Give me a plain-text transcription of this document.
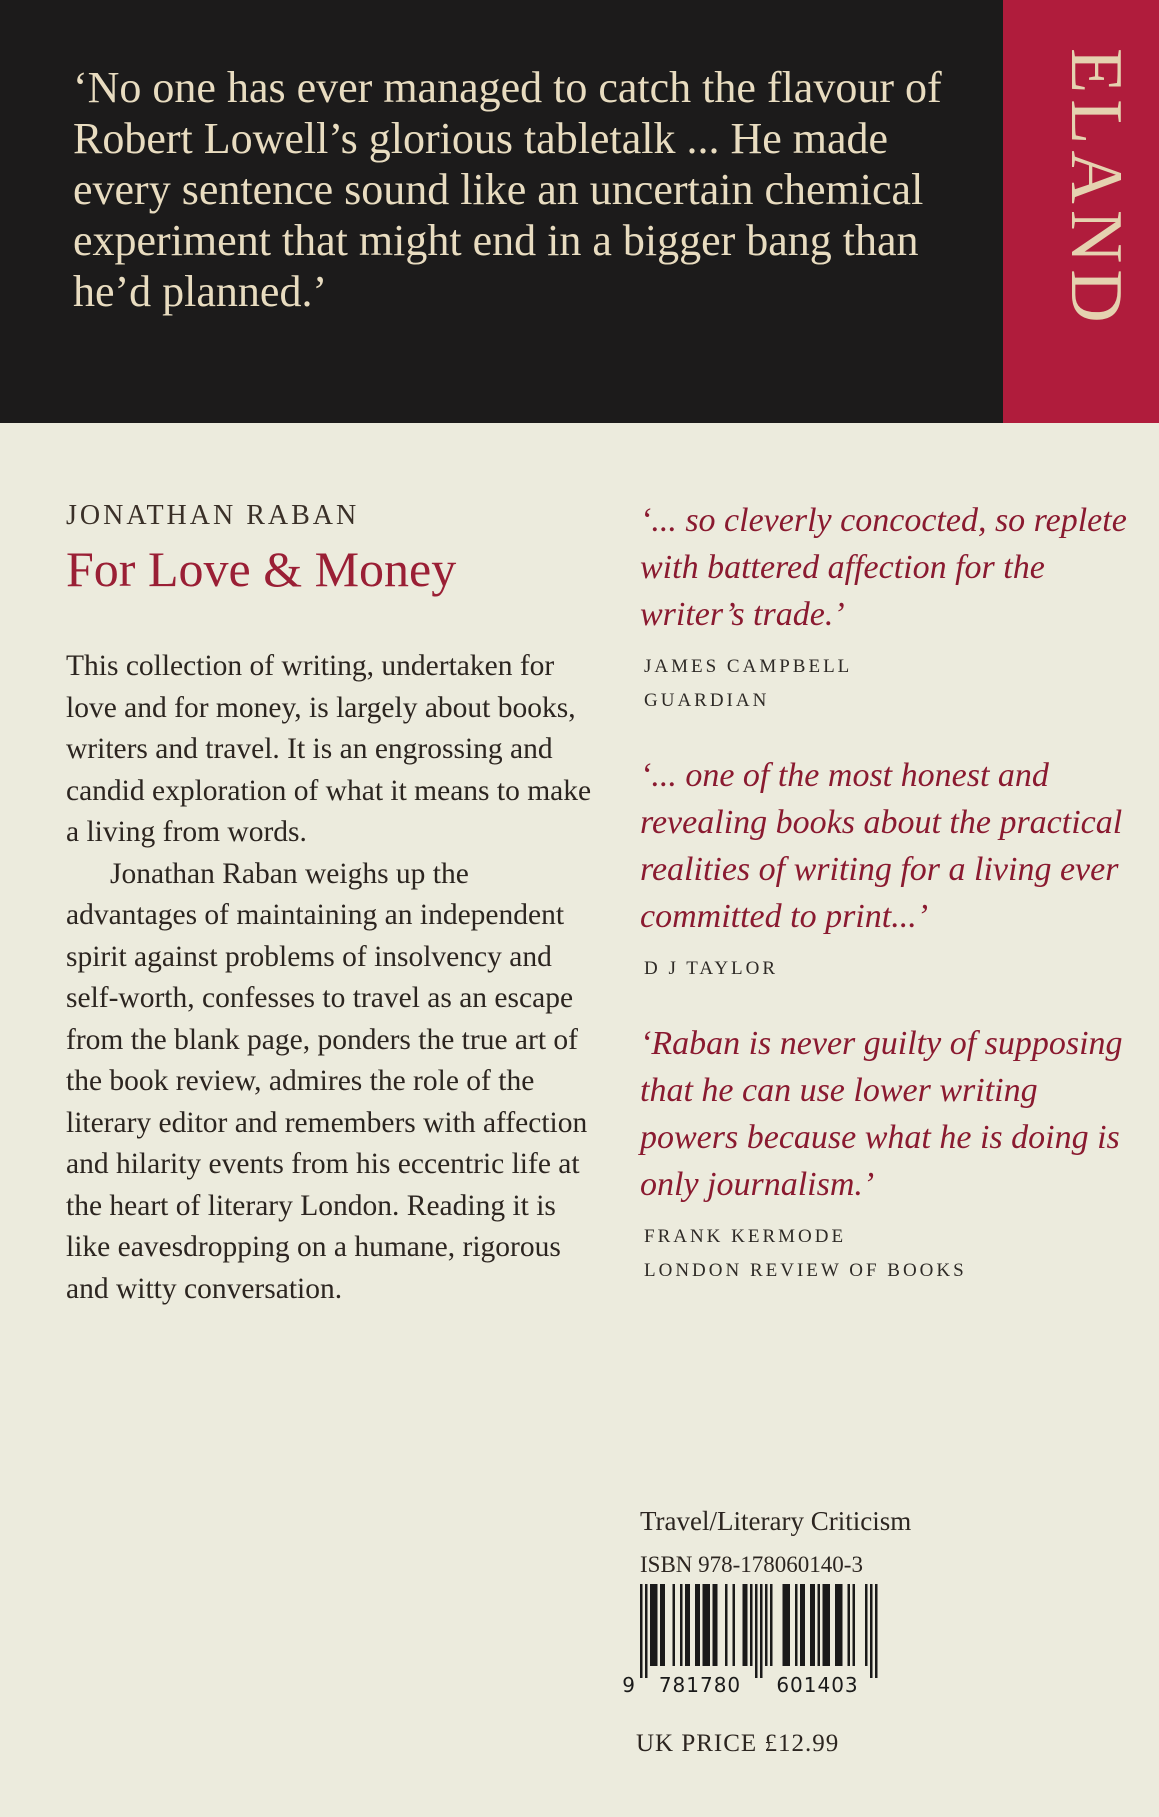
‘No one has ever managed to catch the flavour of Robert Lowell’s glorious tabletalk ... He made every sentence sound like an uncertain chemical experiment that might end in a bigger bang than he’d planned.’	ELAND

JONATHAN RABAN

For Love & Money

This collection of writing, undertaken for love and for money, is largely about books, writers and travel. It is an engrossing and candid exploration of what it means to make a living from words.

Jonathan Raban weighs up the advantages of maintaining an independent spirit against problems of insolvency and self-worth, confesses to travel as an escape from the blank page, ponders the true art of the book review, admires the role of the literary editor and remembers with affection and hilarity events from his eccentric life at the heart of literary London. Reading it is like eavesdropping on a humane, rigorous and witty conversation.

‘... so cleverly concocted, so replete with battered affection for the writer’s trade.’

JAMES CAMPBELL
GUARDIAN

‘... one of the most honest and revealing books about the practical realities of writing for a living ever committed to print...’

D J TAYLOR

‘Raban is never guilty of supposing that he can use lower writing powers because what he is doing is only journalism.’

FRANK KERMODE
LONDON REVIEW OF BOOKS

Travel/Literary Criticism

ISBN 978-178060140-3

9 781780 601403

UK PRICE £12.99
